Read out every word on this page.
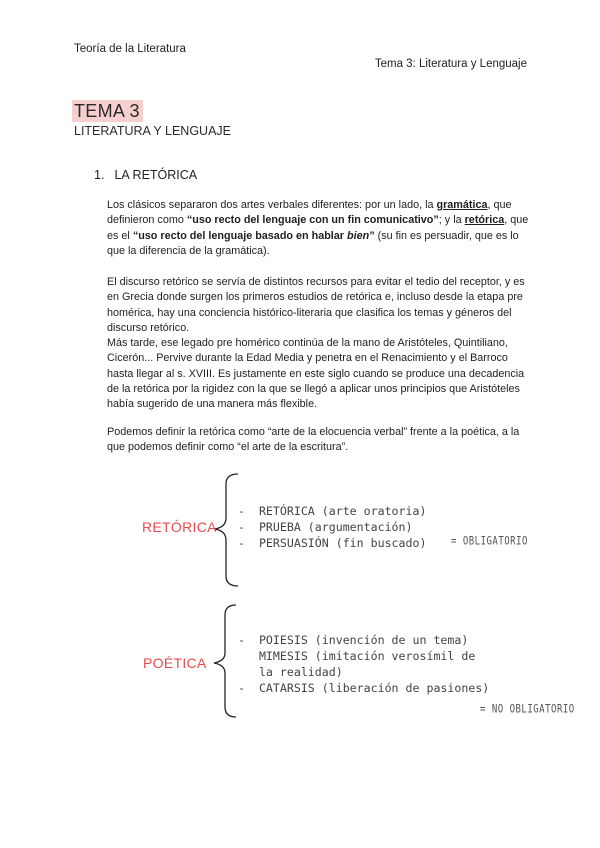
Teoría de la Literatura
Tema 3: Literatura y Lenguaje
TEMA 3
LITERATURA Y LENGUAJE
1. LA RETÓRICA

Los clásicos separaron dos artes verbales diferentes: por un lado, la gramática, que definieron como “uso recto del lenguaje con un fin comunicativo”; y la retórica, que es el “uso recto del lenguaje basado en hablar bien” (su fin es persuadir, que es lo que la diferencia de la gramática).

El discurso retórico se servía de distintos recursos para evitar el tedio del receptor, y es en Grecia donde surgen los primeros estudios de retórica e, incluso desde la etapa pre homérica, hay una conciencia histórico-literaria que clasifica los temas y géneros del discurso retórico.
Más tarde, ese legado pre homérico continúa de la mano de Aristóteles, Quintiliano, Cicerón... Pervive durante la Edad Media y penetra en el Renacimiento y el Barroco hasta llegar al s. XVIII. Es justamente en este siglo cuando se produce una decadencia de la retórica por la rigidez con la que se llegó a aplicar unos principios que Aristóteles había sugerido de una manera más flexible.

Podemos definir la retórica como “arte de la elocuencia verbal” frente a la poética, a la que podemos definir como “el arte de la escritura”.

RETÓRICA
-  RETÓRICA (arte oratoria)
-  PRUEBA (argumentación)
-  PERSUASIÓN (fin buscado)	= OBLIGATORIO
POÉTICA
-  POIESIS (invención de un tema)
MIMESIS (imitación verosímil de
la realidad)
-  CATARSIS (liberación de pasiones)
= NO OBLIGATORIO
